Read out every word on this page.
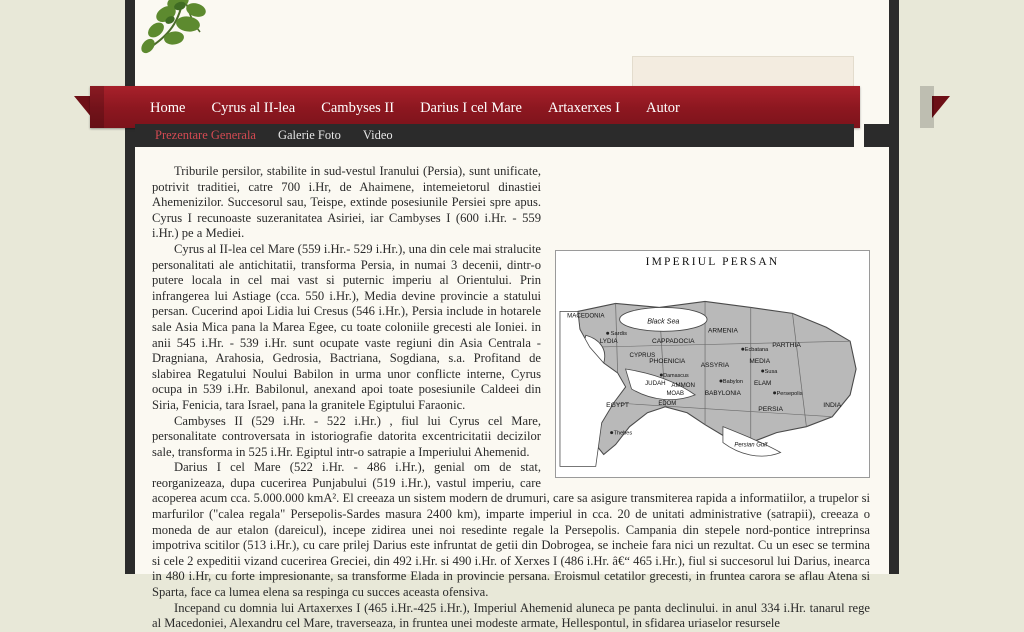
Home Cyrus al II-lea Cambyses II Darius I cel Mare Artaxerxes I Autor
Prezentare Generala Galerie Foto Video
IMPERIUL PERSAN
Black Sea
MACEDONIA
Sardis
LYDIA	CAPPADOCIA
ARMENIA
Ecbatana
PARTHIA
CYPRUS
PHOENICIA
ASSYRIA
MEDIA
Susa
Damascus
JUDAH AMMON	Babylon ELAM
MOAB	BABYLONIA	Persepolis
EDOM
PERSIA
EGYPT	INDIA
Thebes
Persian Gulf

Triburile persilor, stabilite in sud-vestul Iranului (Persia), sunt unificate, potrivit traditiei, catre 700 i.Hr, de Ahaimene, intemeietorul dinastiei Ahemenizilor. Succesorul sau, Teispe, extinde posesiunile Persiei spre apus. Cyrus I recunoaste suzeranitatea Asiriei, iar Cambyses I (600 i.Hr. - 559 i.Hr.) pe a Mediei.

Cyrus al II-lea cel Mare (559 i.Hr.- 529 i.Hr.), una din cele mai stralucite personalitati ale antichitatii, transforma Persia, in numai 3 decenii, dintr-o putere locala in cel mai vast si puternic imperiu al Orientului. Prin infrangerea lui Astiage (cca. 550 i.Hr.), Media devine provincie a statului persan. Cucerind apoi Lidia lui Cresus (546 i.Hr.), Persia include in hotarele sale Asia Mica pana la Marea Egee, cu toate coloniile grecesti ale Ioniei. in anii 545 i.Hr. - 539 i.Hr. sunt ocupate vaste regiuni din Asia Centrala - Dragniana, Arahosia, Gedrosia, Bactriana, Sogdiana, s.a. Profitand de slabirea Regatului Noului Babilon in urma unor conflicte interne, Cyrus ocupa in 539 i.Hr. Babilonul, anexand apoi toate posesiunile Caldeei din Siria, Fenicia, tara Israel, pana la granitele Egiptului Faraonic.

Cambyses II (529 i.Hr. - 522 i.Hr.) , fiul lui Cyrus cel Mare, personalitate controversata in istoriografie datorita excentricitatii decizilor sale, transforma in 525 i.Hr. Egiptul intr-o satrapie a Imperiului Ahemenid.

Darius I cel Mare (522 i.Hr. - 486 i.Hr.), genial om de stat, reorganizeaza, dupa cucerirea Punjabului (519 i.Hr.), vastul imperiu, care acoperea acum cca. 5.000.000 kmA². El creeaza un sistem modern de drumuri, care sa asigure transmiterea rapida a informatiilor, a trupelor si marfurilor ("calea regala" Persepolis-Sardes masura 2400 km), imparte imperiul in cca. 20 de unitati administrative (satrapii), creeaza o moneda de aur etalon (dareicul), incepe zidirea unei noi resedinte regale la Persepolis. Campania din stepele nord-pontice intreprinsa impotriva scitilor (513 i.Hr.), cu care prilej Darius este infruntat de getii din Dobrogea, se incheie fara nici un rezultat. Cu un esec se termina si cele 2 expeditii vizand cucerirea Greciei, din 492 i.Hr. si 490 i.Hr. of Xerxes I (486 i.Hr. â€“ 465 i.Hr.), fiul si succesorul lui Darius, inearca in 480 i.Hr, cu forte impresionante, sa transforme Elada in provincie persana. Eroismul cetatilor grecesti, in fruntea carora se aflau Atena si Sparta, face ca lumea elena sa respinga cu succes aceasta ofensiva.

Incepand cu domnia lui Artaxerxes I (465 i.Hr.-425 i.Hr.), Imperiul Ahemenid aluneca pe panta declinului. in anul 334 i.Hr. tanarul rege al Macedoniei, Alexandru cel Mare, traverseaza, in fruntea unei modeste armate, Hellespontul, in sfidarea uriaselor resursele
